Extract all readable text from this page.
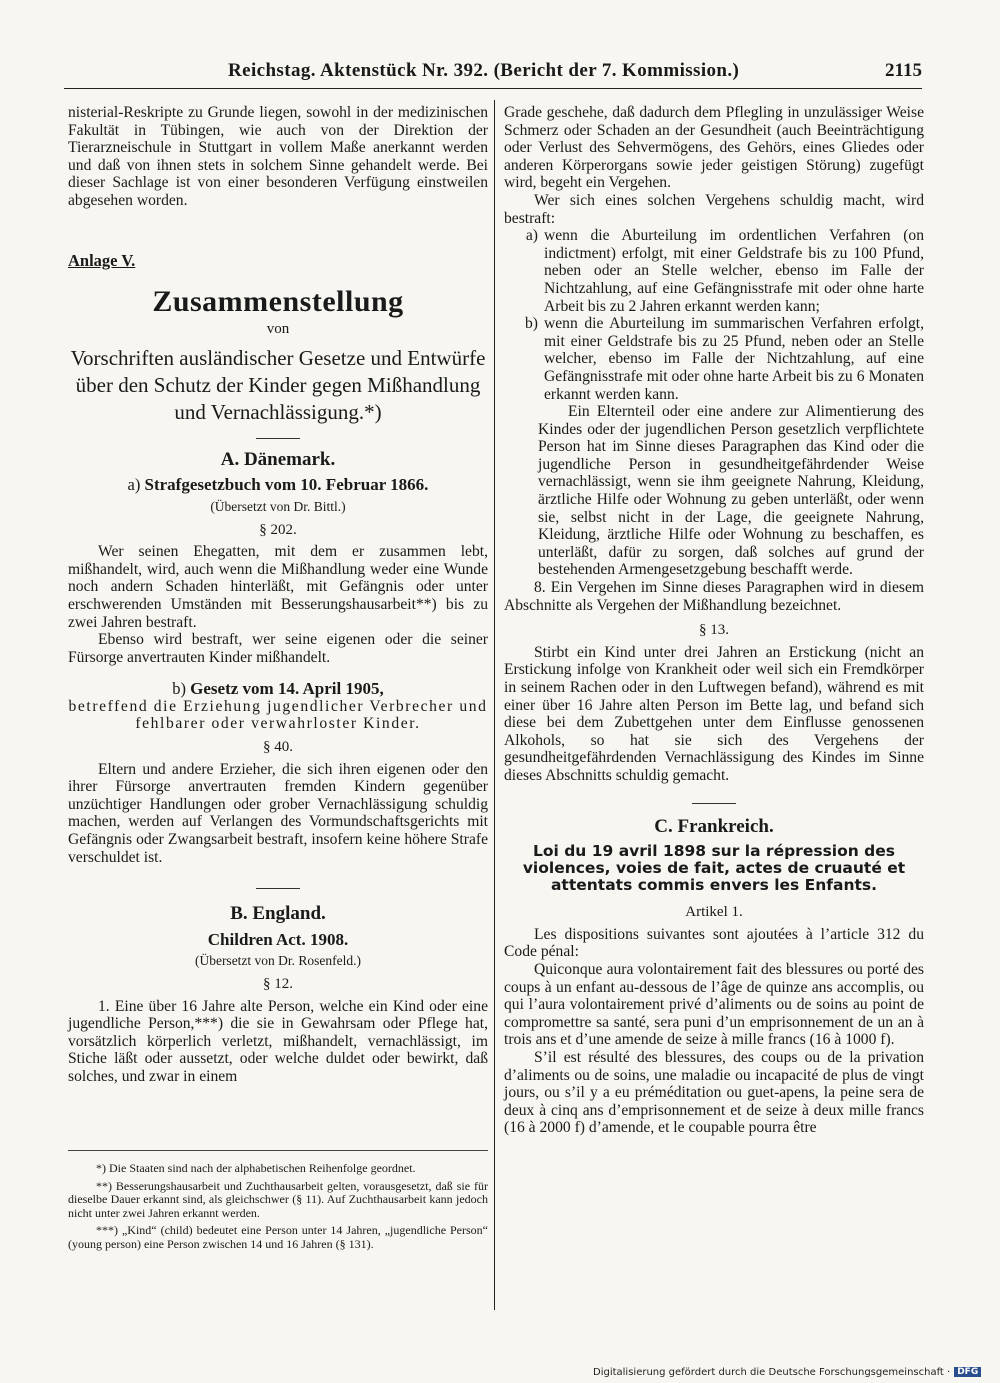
Reichstag. Aktenstück Nr. 392. (Bericht der 7. Kommission.)	2115

nisterial-Reskripte zu Grunde liegen, sowohl in der medizinischen Fakultät in Tübingen, wie auch von der Direktion der Tierarzneischule in Stuttgart in vollem Maße anerkannt werden und daß von ihnen stets in solchem Sinne gehandelt werde. Bei dieser Sachlage ist von einer besonderen Verfügung einstweilen abgesehen worden.

Anlage V.

Zusammenstellung

von

Vorschriften ausländischer Gesetze und Entwürfe über den Schutz der Kinder gegen Mißhandlung und Vernachlässigung.*)

A. Dänemark.

a) Strafgesetzbuch vom 10. Februar 1866.

(Übersetzt von Dr. Bittl.)

§ 202.

Wer seinen Ehegatten, mit dem er zusammen lebt, mißhandelt, wird, auch wenn die Mißhandlung weder eine Wunde noch andern Schaden hinterläßt, mit Gefängnis oder unter erschwerenden Umständen mit Besserungshausarbeit**) bis zu zwei Jahren bestraft.

Ebenso wird bestraft, wer seine eigenen oder die seiner Fürsorge anvertrauten Kinder mißhandelt.

b) Gesetz vom 14. April 1905,

betreffend die Erziehung jugendlicher Verbrecher und fehlbarer oder verwahrloster Kinder.

§ 40.

Eltern und andere Erzieher, die sich ihren eigenen oder den ihrer Fürsorge anvertrauten fremden Kindern gegenüber unzüchtiger Handlungen oder grober Vernachlässigung schuldig machen, werden auf Verlangen des Vormundschaftsgerichts mit Gefängnis oder Zwangsarbeit bestraft, insofern keine höhere Strafe verschuldet ist.

B. England.

Children Act. 1908.

(Übersetzt von Dr. Rosenfeld.)

§ 12.

1. Eine über 16 Jahre alte Person, welche ein Kind oder eine jugendliche Person,***) die sie in Gewahrsam oder Pflege hat, vorsätzlich körperlich verletzt, mißhandelt, vernachlässigt, im Stiche läßt oder aussetzt, oder welche duldet oder bewirkt, daß solches, und zwar in einem

*) Die Staaten sind nach der alphabetischen Reihenfolge geordnet.

**) Besserungshausarbeit und Zuchthausarbeit gelten, vorausgesetzt, daß sie für dieselbe Dauer erkannt sind, als gleichschwer (§ 11). Auf Zuchthausarbeit kann jedoch nicht unter zwei Jahren erkannt werden.

***) „Kind“ (child) bedeutet eine Person unter 14 Jahren, „jugendliche Person“ (young person) eine Person zwischen 14 und 16 Jahren (§ 131).

Grade geschehe, daß dadurch dem Pflegling in unzulässiger Weise Schmerz oder Schaden an der Gesundheit (auch Beeinträchtigung oder Verlust des Sehvermögens, des Gehörs, eines Gliedes oder anderen Körperorgans sowie jeder geistigen Störung) zugefügt wird, begeht ein Vergehen.

Wer sich eines solchen Vergehens schuldig macht, wird bestraft:

a) wenn die Aburteilung im ordentlichen Verfahren (on indictment) erfolgt, mit einer Geldstrafe bis zu 100 Pfund, neben oder an Stelle welcher, ebenso im Falle der Nichtzahlung, auf eine Gefängnisstrafe mit oder ohne harte Arbeit bis zu 2 Jahren erkannt werden kann;
b) wenn die Aburteilung im summarischen Verfahren erfolgt, mit einer Geldstrafe bis zu 25 Pfund, neben oder an Stelle welcher, ebenso im Falle der Nichtzahlung, auf eine Gefängnisstrafe mit oder ohne harte Arbeit bis zu 6 Monaten erkannt werden kann.

Ein Elternteil oder eine andere zur Alimentierung des Kindes oder der jugendlichen Person gesetzlich verpflichtete Person hat im Sinne dieses Paragraphen das Kind oder die jugendliche Person in gesundheitgefährdender Weise vernachlässigt, wenn sie ihm geeignete Nahrung, Kleidung, ärztliche Hilfe oder Wohnung zu geben unterläßt, oder wenn sie, selbst nicht in der Lage, die geeignete Nahrung, Kleidung, ärztliche Hilfe oder Wohnung zu beschaffen, es unterläßt, dafür zu sorgen, daß solches auf grund der bestehenden Armengesetzgebung beschafft werde.

8. Ein Vergehen im Sinne dieses Paragraphen wird in diesem Abschnitte als Vergehen der Mißhandlung bezeichnet.

§ 13.

Stirbt ein Kind unter drei Jahren an Erstickung (nicht an Erstickung infolge von Krankheit oder weil sich ein Fremdkörper in seinem Rachen oder in den Luftwegen befand), während es mit einer über 16 Jahre alten Person im Bette lag, und befand sich diese bei dem Zubettgehen unter dem Einflusse genossenen Alkohols, so hat sie sich des Vergehens der gesundheitgefährdenden Vernachlässigung des Kindes im Sinne dieses Abschnitts schuldig gemacht.

C. Frankreich.

Loi du 19 avril 1898 sur la répression des violences, voies de fait, actes de cruauté et attentats commis envers les Enfants.

Artikel 1.

Les dispositions suivantes sont ajoutées à l’article 312 du Code pénal:

Quiconque aura volontairement fait des blessures ou porté des coups à un enfant au-dessous de l’âge de quinze ans accomplis, ou qui l’aura volontairement privé d’aliments ou de soins au point de compromettre sa santé, sera puni d’un emprisonnement de un an à trois ans et d’une amende de seize à mille francs (16 à 1000 f).

S’il est résulté des blessures, des coups ou de la privation d’aliments ou de soins, une maladie ou incapacité de plus de vingt jours, ou s’il y a eu préméditation ou guet-apens, la peine sera de deux à cinq ans d’emprisonnement et de seize à deux mille francs (16 à 2000 f) d’amende, et le coupable pourra être

Digitalisierung gefördert durch die Deutsche Forschungsgemeinschaft · DFG
